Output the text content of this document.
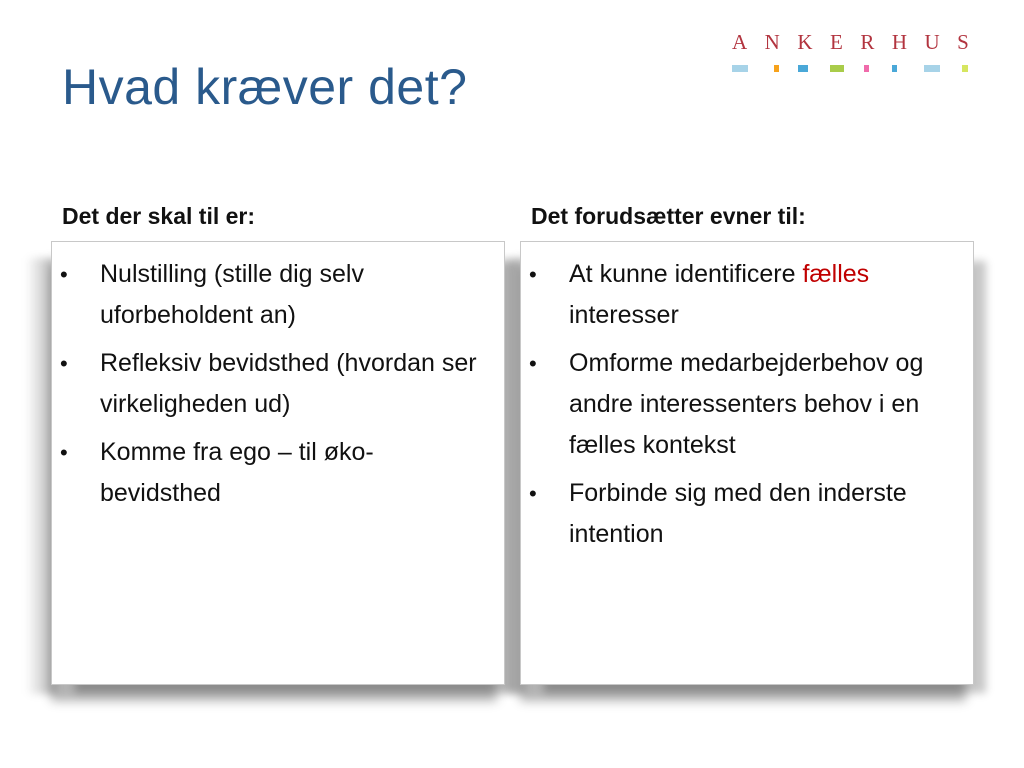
Hvad kræver det?
ANKERHUS
Det der skal til er:	Det forudsætter evner til:
• Nulstilling (stille dig selv uforbeholdent an)
• Refleksiv bevidsthed (hvordan ser virkeligheden ud)
• Komme fra ego – til øko-bevidsthed
• At kunne identificere fælles interesser
• Omforme medarbejderbehov og andre interessenters behov i en fælles kontekst
• Forbinde sig med den inderste intention
